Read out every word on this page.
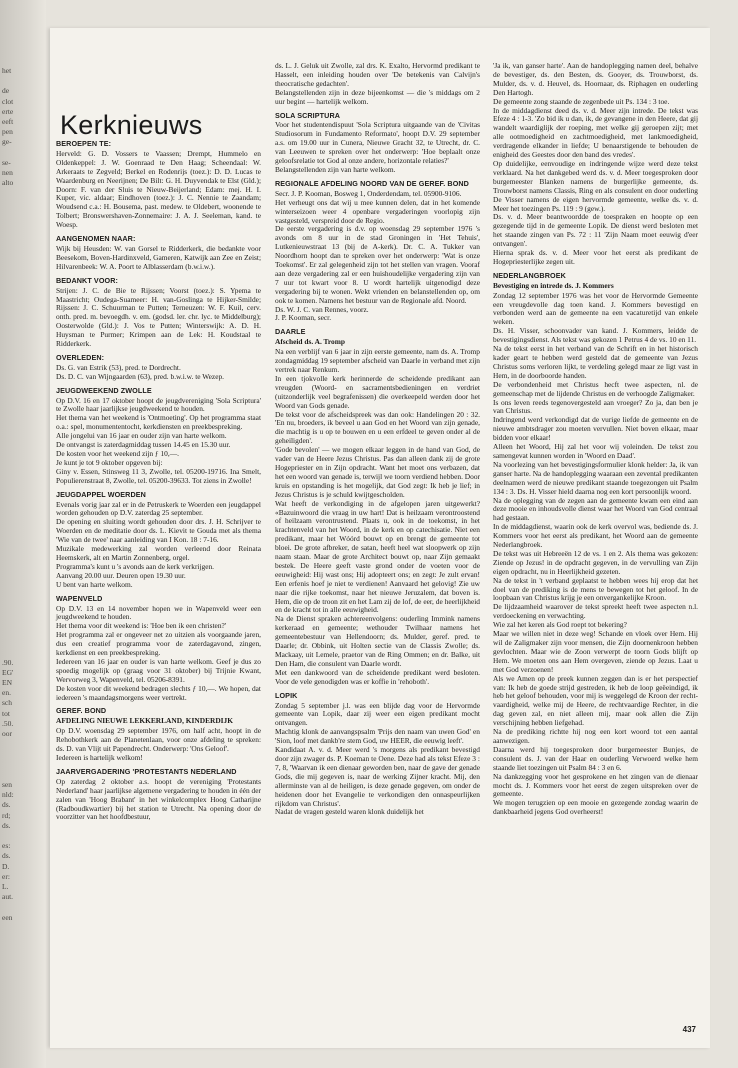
het
de
clot
erte
eeft
pen
ge-
se-
nen
alto
.90.
EG'
EN
en.
sch
tot
.50.
oor
sen
nld:
ds.
rd;
ds.
es:
ds.
D.
er:
L.
aut.
een
Kerknieuws
BEROEPEN TE:

Herveld: G. D. Vossers te Vaassen; Drempt, Hummelo en Oldenkeppel: J. W. Goenraad te Den Haag; Scheendaal: W. Arkeraats te Zegveld; Berkel en Rodenrijs (toez.): D. D. Lucas te Waardenburg en Neerijnen; De Bilt: G. H. Duyvendak te Elst (Gld.); Doorn: F. van der Sluis te Nieuw-Beijerland; Edam: mej. H. I. Kuper, vic. aldaar; Eindhoven (toez.): J. C. Nennie te Zaandam; Woudsend c.a.: H. Bousema, past. medew. te Oldebert, woonende te Tolbert; Bronswershaven-Zonnemaire: J. A. J. Seeleman, kand. te Woesp.

AANGENOMEN NAAR:

Wijk bij Heusden: W. van Gorsel te Ridderkerk, die bedankte voor Beesekom, Boven-Hardinxveld, Gameren, Katwijk aan Zee en Zeist; Hilvarenbeek: W. A. Poort te Alblasserdam (b.w.i.w.).

BEDANKT VOOR:

Strijen: J. C. de Bie te Rijssen; Voorst (toez.): S. Ypema te Maastricht; Oudega-Suameer: H. van-Goslinga te Hijker-Smilde; Rijssen: J. C. Schuurman te Putten; Terneuzen: W. F. Kuil, cerv. onth. pred. m. bevoegdh. v. em. (godsd. ler. chr. lyc. te Middelburg); Oosterwolde (Gld.): J. Vos te Putten; Winterswijk: A. D. H. Huysman te Purmer; Krimpen aan de Lek: H. Koudstaal te Ridderkerk.

OVERLEDEN:

Ds. G. van Estrik (53), pred. te Dordrecht.

Ds. D. C. van Wijngaarden (63), pred. b.w.i.w. te Wezep.

JEUGDWEEKEND ZWOLLE

Op D.V. 16 en 17 oktober hoopt de jeugdvereniging 'Sola Scriptura' te Zwolle haar jaarlijkse jeugdweekend te houden.

Het thema van het weekend is 'Ontmoeting'. Op het programma staat o.a.: spel, monumententocht, kerkdiensten en preekbespreking.

Alle jongelui van 16 jaar en ouder zijn van harte welkom.

De ontvangst is zaterdagmiddag tussen 14.45 en 15.30 uur.

De kosten voor het weekend zijn ƒ 10,—.

Je kunt je tot 9 oktober opgeven bij:

Giny v. Essen, Stinsweg 11 3, Zwolle, tel. 05200-19716. Ina Smelt, Populierenstraat 8, Zwolle, tel. 05200-39633. Tot ziens in Zwolle!

JEUGDAPPEL WOERDEN

Evenals vorig jaar zal er in de Petruskerk te Woerden een jeugdappel worden gehouden op D.V. zaterdag 25 september.

De opening en sluiting wordt gehouden door drs. J. H. Schrijver te Woerden en de meditatie door ds. L. Kievit te Gouda met als thema 'Wie van de twee' naar aanleiding van I Kon. 18 : 7-16.

Muzikale medewerking zal worden verleend door Reinata Heemskerk, alt en Martin Zonnenberg, orgel.

Programma's kunt u 's avonds aan de kerk verkrijgen.

Aanvang 20.00 uur. Deuren open 19.30 uur.

U bent van harte welkom.

WAPENVELD

Op D.V. 13 en 14 november hopen we in Wapenveld weer een jeugdweekend te houden.

Het thema voor dit weekend is: 'Hoe ben ik een christen?'

Het programma zal er ongeveer net zo uitzien als voorgaande jaren, dus een creatief programma voor de zaterdagavond, zingen, kerkdienst en een preekbespreking.

Iedereen van 16 jaar en ouder is van harte welkom. Geef je dus zo spoedig mogelijk op (graag voor 31 oktober) bij Trijnie Kwant, Wervorweg 3, Wapenveld, tel. 05206-8391.

De kosten voor dit weekend bedragen slechts ƒ 10,—. We hopen, dat iedereen 's maandagsmorgens weer vertrekt.

GEREF. BOND
AFDELING NIEUWE LEKKERLAND, KINDERDIJK

Op D.V. woensdag 29 september 1976, om half acht, hoopt in de Rehobothkerk aan de Planetenlaan, voor onze afdeling te spreken: ds. D. van Vlijt uit Papendrecht. Onderwerp: 'Ons Geloof'.

Iedereen is hartelijk welkom!

JAARVERGADERING 'PROTESTANTS NEDERLAND

Op zaterdag 2 oktober a.s. hoopt de vereniging 'Protestants Nederland' haar jaarlijkse algemene vergadering te houden in één der zalen van 'Hoog Brabant' in het winkelcomplex Hoog Catharijne (Radboudkwartier) bij het station te Utrecht. Na opening door de voorzitter van het hoofdbestuur,

ds. L. J. Geluk uit Zwolle, zal drs. K. Exalto, Hervormd predikant te Hasselt, een inleiding houden over 'De betekenis van Calvijn's theocratische gedachten'.

Belangstellenden zijn in deze bijeenkomst — die 's middags om 2 uur begint — hartelijk welkom.

SOLA SCRIPTURA

Voor het studentendispuut 'Sola Scriptura uitgaande van de 'Civitas Studiosorum in Fundamento Reformato', hoopt D.V. 29 september a.s. om 19.00 uur in Cunera, Nieuwe Gracht 32, te Utrecht, dr. C. van Leeuwen te spreken over het onderwerp: 'Hoe beplaalt onze geloofsrelatie tot God al onze andere, horizontale relaties?'

Belangstellenden zijn van harte welkom.

REGIONALE AFDELING NOORD VAN DE GEREF. BOND

Secr. J. P. Kooman, Bosweg 1, Onderdendam, tel. 05900-9106.

Het verheugt ons dat wij u mee kunnen delen, dat in het komende winterseizoen weer 4 openbare vergaderingen voorlopig zijn vastgesteld, verspreid door de Regio.

De eerste vergadering is d.v. op woensdag 29 september 1976 's avonds om 8 uur in de stad Groningen in 'Het Tehuis', Lutkenieuwstraat 13 (bij de A-kerk). Dr. C. A. Tukker van Noordhorn hoopt dan te spreken over het onderwerp: 'Wat is onze Toekomst'. Er zal gelegenheid zijn tot het stellen van vragen. Vooraf aan deze vergadering zal er een huishoudelijke vergadering zijn van 7 uur tot kwart voor 8. U wordt hartelijk uitgenodigd deze vergadering bij te wonen. Wekt vrienden en belanstellenden op, om ook te komen. Namens het bestuur van de Regionale afd. Noord.

Ds. W. J. C. van Rennes, voorz.

J. P. Kooman, secr.

DAARLE
Afscheid ds. A. Tromp

Na een verblijf van 6 jaar in zijn eerste gemeente, nam ds. A. Tromp zondagmiddag 19 september afscheid van Daarle in verband met zijn vertrek naar Renkum.

In een tjokvolle kerk herinnerde de scheidende predikant aan vreugden (Woord- en sacramentsbedieningen en verdriet (uitzonderlijk veel begrafenissen) die overkeepeld werden door het Woord van Gods genade.

De tekst voor de afscheidspreek was dan ook: Handelingen 20 : 32. 'En nu, broeders, ik beveel u aan God en het Woord van zijn genade, die machtig is u op te bouwen en u een erfdeel te geven onder al de geheiligden'.

'Gode bevolen' — we mogen elkaar leggen in de hand van God, de vader van de Heere Jezus Christus. Pas dan alleen dank zij de grote Hogepriester en in Zijn opdracht. Want het moet ons verbazen, dat het een woord van genade is, terwijl we toorn verdiend hebben. Door kruis en opstanding is het mogelijk, dat God zegt: Ik heb je lief; in Jezus Christus is je schuld kwijtgescholden.

Wat heeft de verkondiging in de afgelopen jaren uitgewerkt? «Bazuinwoord die vraag in uw hart! Dat is heilzaam verontroostend of heilzaam verontrustend. Plaats u, ook in de toekomst, in het krachtenveld van het Woord, in de kerk en op catechisatie. Niet een predikant, maar het Wóórd bouwt op en brengt de gemeente tot bloei. De grote afbreker, de satan, heeft heel wat sloopwerk op zijn naam staan. Maar de grote Architect bouwt op, naar Zijn gemaakt bestek. De Heere geeft vaste grond onder de voeten voor de eeuwigheid: Hij wast ons; Hij adopteert ons; en zegt: Je zult ervan! Een erfenis hoef je niet te verdienen! Aanvaard het gelovig! Zie uw naar die rijke toekomst, naar het nieuwe Jeruzalem, dat boven is. Hem, die op de troon zit en het Lam zij de lof, de eer, de heerlijkheid en de kracht tot in alle eeuwigheid.

Na de Dienst spraken achtereenvolgens: ouderling Immink namens kerkeraad en gemeente; wethouder Twilhaar namens het gemeentebestuur van Hellendoorn; ds. Mulder, geref. pred. te Daarle; dr. Obbink, uit Holten sectie van de Classis Zwolle; ds. Mackaay, uit Lemele, praetor van de Ring Ommen; en dr. Balke, uit Den Ham, die consulent van Daarle wordt.

Met een dankwoord van de scheidende predikant werd besloten. Voor de vele genodigden was er koffie in 'rehoboth'.

LOPIK

Zondag 5 september j.l. was een blijde dag voor de Hervormde gemeente van Lopik, daar zij weer een eigen predikant mocht ontvangen.

Machtig klonk de aanvangspsalm 'Prijs den naam van uwen God' en 'Sion, loof met dankb're stem God, uw HEER, die eeuwig leeft'.

Kandidaat A. v. d. Meer werd 's morgens als predikant bevestigd door zijn zwager ds. P. Koeman te Oene. Deze had als tekst Efeze 3 : 7, 8, 'Waarvan ik een dienaar geworden ben, naar de gave der genade Gods, die mij gegeven is, naar de werking Zijner kracht. Mij, den allerminste van al de heiligen, is deze genade gegeven, om onder de heidenen door het Evangelie te verkondigen den onnaspeurlijken rijkdom van Christus'.

Nadat de vragen gesteld waren klonk duidelijk het

'Ja ik, van ganser harte'. Aan de handoplegging namen deel, behalve de bevestiger, ds. den Besten, ds. Gooyer, ds. Trouwborst, ds. Mulder, ds. v. d. Heuvel, ds. Hoornaar, ds. Riphagen en ouderling Den Hartogh.

De gemeente zong staande de zegenbede uit Ps. 134 : 3 toe.

In de middagdienst deed ds. v. d. Meer zijn intrede. De tekst was Efeze 4 : 1-3. 'Zo bid ik u dan, ik, de gevangene in den Heere, dat gij wandelt waardiglijk der roeping, met welke gij geroepen zijt; met alle ootmoedigheid en zachtmoedigheid, met lankmoedigheid, verdragende elkander in liefde; U benaarstigende te behouden de enigheid des Geestes door den band des vredes'.

Op duidelijke, eenvoudige en indringende wijze werd deze tekst verklaard. Na het dankgebed werd ds. v. d. Meer toegesproken door burgemeester Blanken namens de burgerlijke gemeente, ds. Trouwborst namens Classis, Ring en als consulent en door ouderling De Visser namens de eigen hervormde gemeente, welke ds. v. d. Meer het toezingen Ps. 119 : 9 (gew.).

Ds. v. d. Meer beantwoordde de toespraken en hoopte op een gezegende tijd in de gemeente Lopik. De dienst werd besloten met het staande zingen van Ps. 72 : 11 'Zijn Naam moet eeuwig d'eer ontvangen'.

Hierna sprak ds. v. d. Meer voor het eerst als predikant de Hogepriesterlijke zegen uit.

NEDERLANGBROEK
Bevestiging en intrede ds. J. Kommers

Zondag 12 september 1976 was het voor de Hervormde Gemeente een vreugdevolle dag toen kand. J. Kommers bevestigd en verbonden werd aan de gemeente na een vacaturetijd van enkele weken.

Ds. H. Visser, schoonvader van kand. J. Kommers, leidde de bevestigingsdienst. Als tekst was gekozen 1 Petrus 4 de vs. 10 en 11.

Na de tekst eerst in het verband van de Schrift en in het historisch kader geart te hebben werd gesteld dat de gemeente van Jezus Christus soms verloren lijkt, te verdeling gelegd maar ze ligt vast in Hem, in de doorboorde handen.

De verbondenheid met Christus hecft twee aspecten, nl. de gemeenschap met de lijdende Christus en de verhoogde Zaligmaker.

Is ons leven reeds tegenovergesteld aan vroeger? Zo ja, dan ben je van Christus.

Indringend werd verkondigd dat de vurige liefde de gemeente en de nieuwe ambtsdrager zou moeten vervullen. Niet boven elkaar, maar bidden voor elkaar!

Alleen het Woord, Hij zal het voor wij voleinden. De tekst zou samengevat kunnen worden in 'Woord en Daad'.

Na voorlezing van het bevestigingsformulier klonk helder: Ja, ik van ganser harte. Na de handoplegging waaraan een zevental predikanten deelnamen werd de nieuwe predikant staande toegezongen uit Psalm 134 : 3. Ds. H. Visser hield daarna nog een kort persoonlijk woord.

Na de oplegging van de zegen aan de gemeente kwam een eind aan deze mooie en inhoudsvolle dienst waar het Woord van God centraal had gestaan.

In de middagdienst, waarin ook de kerk overvol was, bediende ds. J. Kommers voor het eerst als predikant, het Woord aan de gemeente Nederlangbroek.

De tekst was uit Hebreeën 12 de vs. 1 en 2. Als thema was gekozen: Ziende op Jezus! in de opdracht gegeven, in de vervulling van Zijn eigen opdracht, nu in Heerlijkheid gezeten.

Na de tekst in 't verband geplaatst te hebben wees hij erop dat het doel van de prediking is de mens te bewegen tot het geloof. In de loopbaan van Christus krijg je een onvergankelijke Kroon.

De lijdzaamheid waarover de tekst spreekt heeft twee aspecten n.l. verdoeckening en verwachting.

Wie zal het keren als God roept tot bekering?

Maar we willen niet in deze weg! Schande en vloek over Hem. Hij wil de Zaligmaker zijn voor mensen, die Zijn doornenkroon hebben gevlochten. Maar wie de Zoon verwerpt de toorn Gods blijft op Hem. We moeten ons aan Hem overgeven, ziende op Jezus. Laat u met God verzoenen!

Als we Amen op de preek kunnen zeggen dan is er het perspectief van: Ik heb de goede strijd gestreden, ik heb de loop geëeindigd, ik heb het geloof behouden, voor mij is weggelegd de Kroon der rechtvaardigheid, welke mij de Heere, de rechtvaardige Rechter, in die dag geven zal, en niet alleen mij, maar ook allen die Zijn verschijning hebben liefgehad.

Na de prediking richtte hij nog een kort woord tot een aantal aanwezigen.

Daarna werd hij toegesproken door burgemeester Bunjes, de consulent ds. J. van der Haar en ouderling Verwoerd welke hem staande liet toezingen uit Psalm 84 : 3 en 6.

Na dankzegging voor het gesprokene en het zingen van de dienaar mocht ds. J. Kommers voor het eerst de zegen uitspreken over de gemeente.

We mogen terugzien op een mooie en gezegende zondag waarin de dankbaarheid jegens God overheerst!

437
